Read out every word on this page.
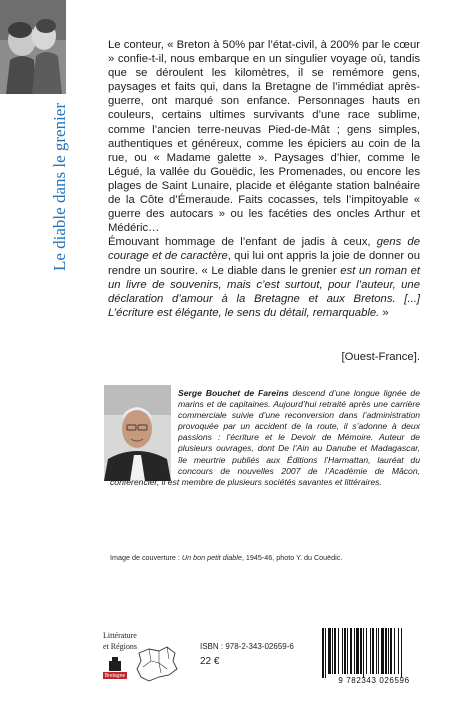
Le diable dans le grenier

Le conteur, « Breton à 50% par l’état-civil, à 200% par le cœur » confie-t-il, nous embarque en un singulier voyage où, tandis que se déroulent les kilomètres, il se remémore gens, paysages et faits qui, dans la Bretagne de l’immédiat après-guerre, ont marqué son enfance. Personnages hauts en couleurs, certains ultimes survivants d’une race sublime, comme l’ancien terre-neuvas Pied-de-Mât ; gens simples, authentiques et généreux, comme les épiciers au coin de la rue, ou « Madame galette ». Paysages d’hier, comme le Légué, la vallée du Gouëdic, les Promenades, ou encore les plages de Saint Lunaire, placide et élégante station balnéaire de la Côte d’Émeraude. Faits cocasses, tels l’impitoyable « guerre des autocars » ou les facéties des oncles Arthur et Médéric…

Émouvant hommage de l’enfant de jadis à ceux, gens de courage et de caractère, qui lui ont appris la joie de donner ou rendre un sourire. « Le diable dans le grenier est un roman et un livre de souvenirs, mais c’est surtout, pour l’auteur, une déclaration d’amour à la Bretagne et aux Bretons. [...] L’écriture est élégante, le sens du détail, remarquable. »

[Ouest-France].
Serge Bouchet de Fareins descend d’une longue lignée de marins et de capitaines. Aujourd’hui retraité après une carrière commerciale suivie d’une reconversion dans l’administration provoquée par un accident de la route, il s’adonne à deux passions : l’écriture et le Devoir de Mémoire. Auteur de plusieurs ouvrages, dont De l’Ain au Danube et Madagascar, île meurtrie publiés aux Éditions l’Harmattan, lauréat du concours de nouvelles 2007 de l’Académie de Mâcon, conférencier, il est membre de plusieurs sociétés savantes et littéraires.
Image de couverture : Un bon petit diable, 1945-46, photo Y. du Couëdic.
Littérature
et Régions
Bretagne
ISBN : 978-2-343-02659-6
22 €
9 782343 026596
